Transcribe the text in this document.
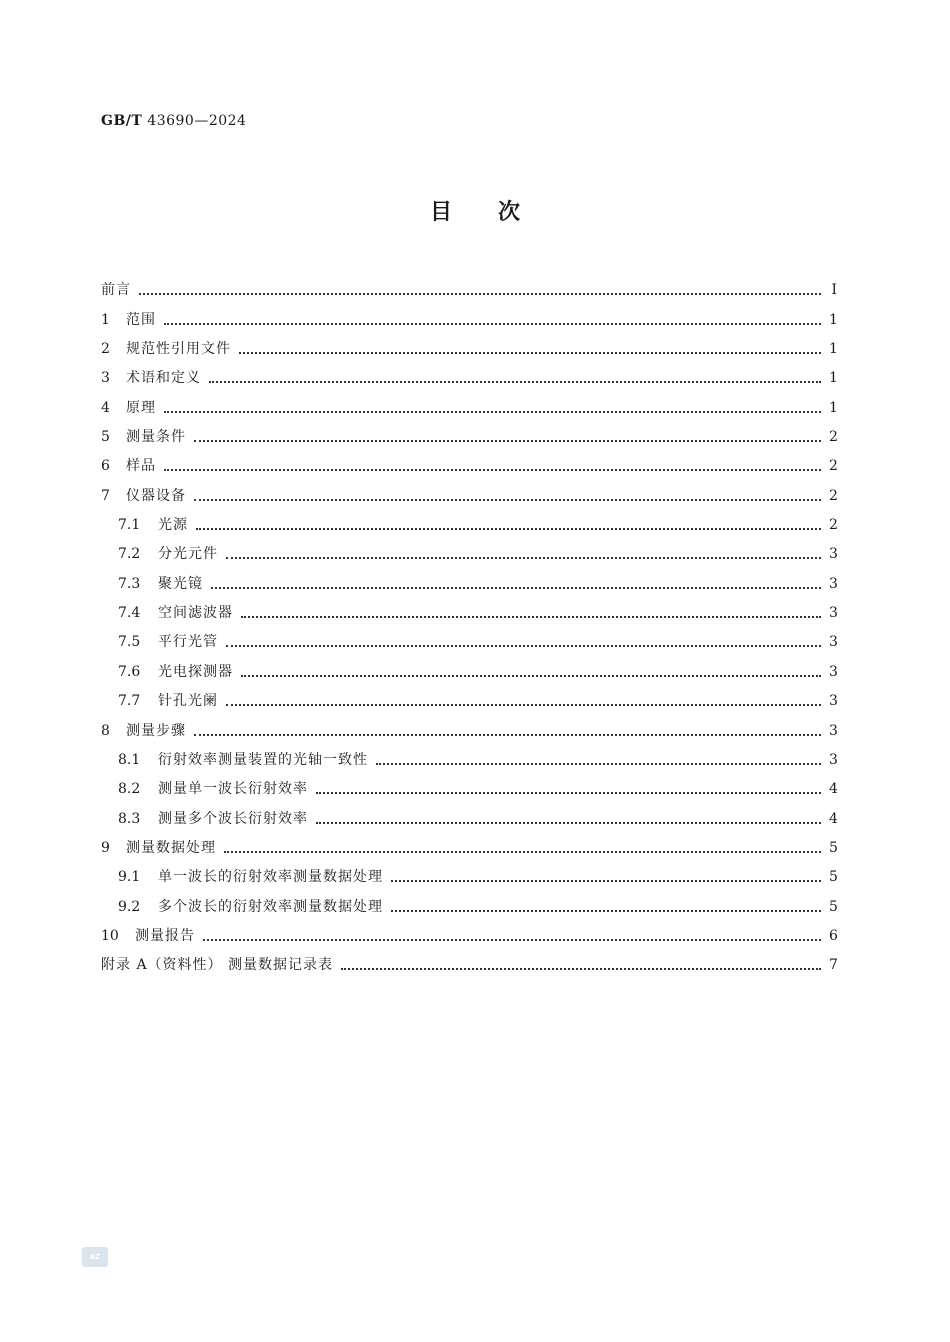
GB/T 43690—2024
目次
前言	Ⅰ
1	范围	1
2	规范性引用文件	1
3	术语和定义	1
4	原理	1
5	测量条件	2
6	样品	2
7	仪器设备	2
7.1	光源	2
7.2	分光元件	3
7.3	聚光镜	3
7.4	空间滤波器	3
7.5	平行光管	3
7.6	光电探测器	3
7.7	针孔光阑	3
8	测量步骤	3
8.1	衍射效率测量装置的光轴一致性	3
8.2	测量单一波长衍射效率	4
8.3	测量多个波长衍射效率	4
9	测量数据处理	5
9.1	单一波长的衍射效率测量数据处理	5
9.2	多个波长的衍射效率测量数据处理	5
10	测量报告	6
附录 A（资料性） 测量数据记录表	7
BZ
